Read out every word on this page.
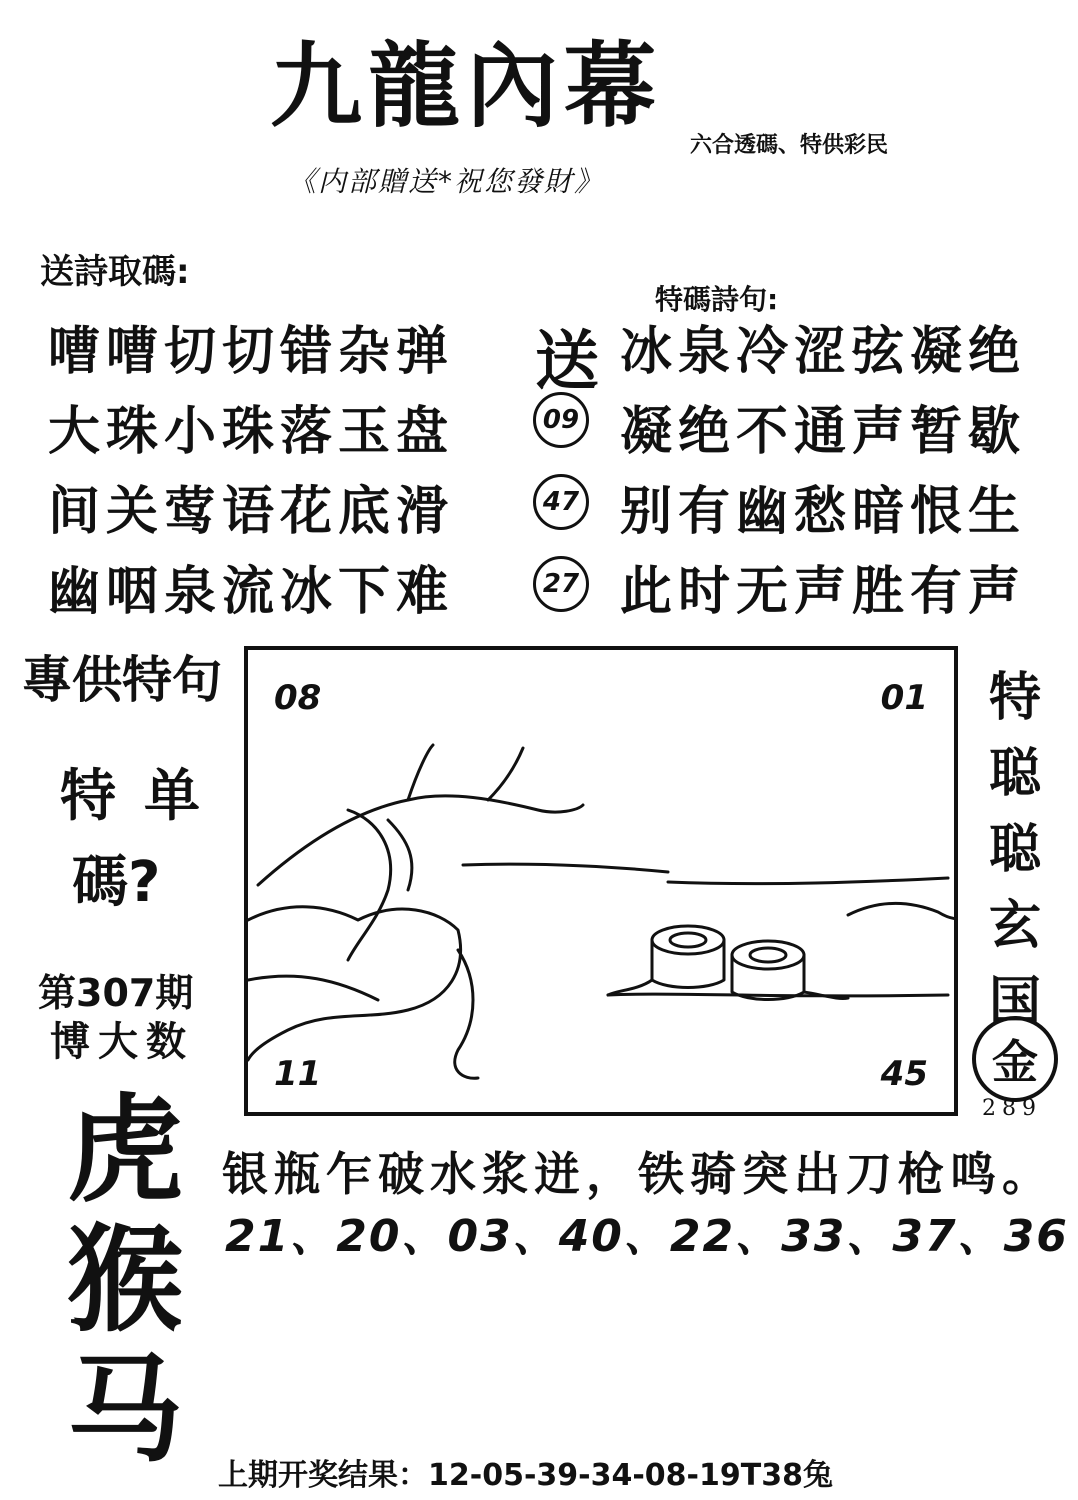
九龍內幕
六合透碼、特供彩民
《内部贈送*祝您發財》
送詩取碼:
嘈嘈切切错杂弹
大珠小珠落玉盘
间关莺语花底滑
幽咽泉流冰下难
特碼詩句:
送
09
47
27
冰泉冷涩弦凝绝
凝绝不通声暂歇
别有幽愁暗恨生
此时无声胜有声
專供特句
特单
碼?
第307期
博大数
虎
猴
马
08	01
11	45
特
聪
聪
玄
国
金
289
银瓶乍破水浆迸，铁骑突出刀枪鸣。
21、20、03、40、22、33、37、36
上期开奖结果：12-05-39-34-08-19T38兔
